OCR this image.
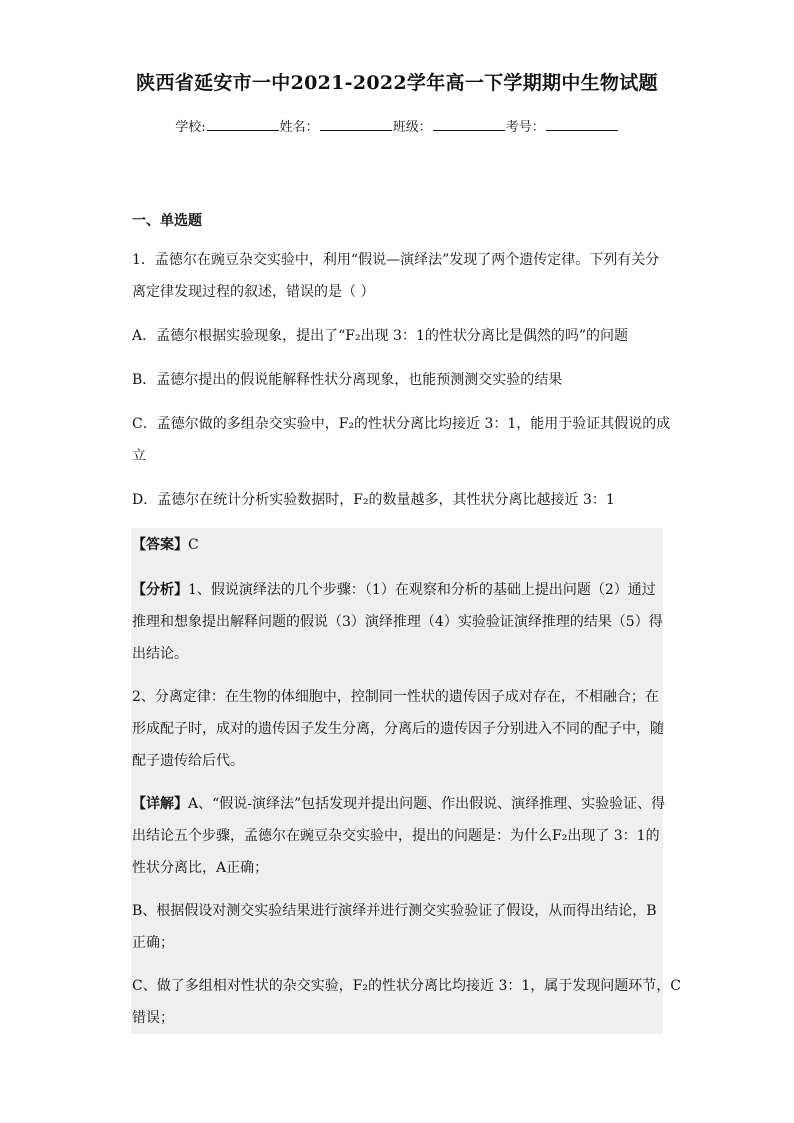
陕西省延安市一中2021-2022学年高一下学期期中生物试题
学校:	姓名：	班级：	考号：
一、单选题
1．孟德尔在豌豆杂交实验中，利用“假说—演绎法”发现了两个遗传定律。下列有关分
离定律发现过程的叙述，错误的是（ ）
A．孟德尔根据实验现象，提出了“F₂出现 3：1的性状分离比是偶然的吗”的问题
B．孟德尔提出的假说能解释性状分离现象，也能预测测交实验的结果
C．孟德尔做的多组杂交实验中，F₂的性状分离比均接近 3：1，能用于验证其假说的成
立
D．孟德尔在统计分析实验数据时，F₂的数量越多，其性状分离比越接近 3：1
【答案】C
【分析】1、假说演绎法的几个步骤：（1）在观察和分析的基础上提出问题（2）通过
推理和想象提出解释问题的假说（3）演绎推理（4）实验验证演绎推理的结果（5）得
出结论。
2、分离定律：在生物的体细胞中，控制同一性状的遗传因子成对存在，不相融合；在
形成配子时，成对的遗传因子发生分离，分离后的遗传因子分别进入不同的配子中，随
配子遗传给后代。
【详解】A、“假说-演绎法”包括发现并提出问题、作出假说、演绎推理、实验验证、得
出结论五个步骤，孟德尔在豌豆杂交实验中，提出的问题是：为什么F₂出现了 3：1的
性状分离比，A正确；
B、根据假设对测交实验结果进行演绎并进行测交实验验证了假设，从而得出结论，B
正确；
C、做了多组相对性状的杂交实验，F₂的性状分离比均接近 3：1，属于发现问题环节，C
错误；
